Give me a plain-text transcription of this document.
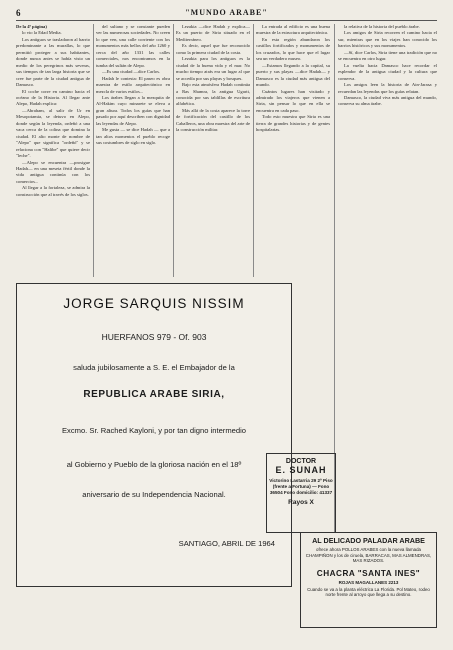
6	"MUNDO ARABE"

De la 4ª página)

lo vio la Edad Media.

Los antiguos se trasladaron al barrio predominante a las murallas, lo que permitió proteger a sus habitantes, donde nunca antes se había visto un medio de los peregrinos más severas, sus tiempos de tan larga historia que se cree fue parte de la ciudad antigua de Damasco.

El coche corre en camino hacia el océano de la Historia. Al llegar ante Alepo, Hadah explica:

—Abraham, al salir de Ur en Mesopotamia, se detuvo en Alepo, donde según la leyenda, ordeñó a una vaca cerca de la colina que domina la ciudad. El alto monte de nombre de "Alepo" que significa "ordeñó" y se relaciona con "Halibe" que quiere decir "leche".

—Alepo se encuentra —prosigue Hadah— en una meseta fértil donde la vida antigua continúa con los comercios...

Al llegar a la fortaleza, se admira la construcción que al través de los siglos.

del sultano y se constante pueden ver las numerosas sociedades. No creen lo que ven, una calle corriente con los monumentos más bellos del año 1260 y cerca del año 1331 las calles comerciales, nos encontramos en la tumba del sultán de Alepo.

—Es una ciudad —dice Carlos.

Hadah le contesta: El paseo es obra maestra de estilo arquitectónico en mezcla de varios estilos...

Los árabes llegan a la mezquita de Al-Hakim cuyo minarete se eleva a gran altura. Todos los guías que han pasado por aquí describen con dignidad las leyendas de Alepo.

Me gusta — se dice Hadah — que a tan altos momentos el pueblo recoge sus costumbres de siglo en siglo.

Lezakia —dice Hadah y explica— Es un puerto de Siria situado en el Mediterráneo.

Es decir, aquel que fue reconocido como la primera ciudad de la costa.

Lezakia para los antiguos es la ciudad de la buena vida y el mar. No mucho tiempo atrás era un lugar al que se accedía por sus playas y bosques.

Bajo esta atmósfera Hadah continúa a Ras Shamra, la antigua Ugarit, conocida por sus tablillas de escritura alfabética.

Más allá de la costa aparece la torre de fortificación del castillo de los Caballeros, una obra maestra del arte de la construcción militar.

La entrada al edificio es una buena muestra de la estructura arquitectónica.

En esta región abundaron los castillos fortificados y monumentos de los cruzados, lo que hace que el lugar sea un verdadero museo.

—Estamos llegando a la capital, su puerto y sus playas —dice Hadah— y Damasco es la ciudad más antigua del mundo.

Cuántos lugares han visitado y admirado los viajeros que vienen a Siria, sin pensar lo que en ella se encuentra en cada paso.

Todo esto muestra que Siria es una tierra de grandes historias y de gentes hospitalarias.

la relativa de la historia del pueblo árabe.

Los amigos de Siria recorren el camino hacia el sur, mientras que en los viajes han conocido los barrios históricos y sus monumentos.

—Sí, dice Carlos, Siria tiene una tradición que no se encuentra en otro lugar.

La vuelta hacia Damasco hace recordar el esplendor de la antigua ciudad y la cultura que conserva.

Los amigos leen la historia de Ain-Jarasa y recuerdan las leyendas que los guías relatan.

Damasco, la ciudad viva más antigua del mundo, conserva su alma árabe.

JORGE SARQUIS NISSIM
HUERFANOS 979 - Of. 903
saluda jubilosamente a S. E. el Embajador de la
REPUBLICA ARABE SIRIA,
Excmo. Sr. Rached Kayloni, y por tan digno intermedio
al Gobierno y Pueblo de la gloriosa nación en el 18º
aniversario de su Independencia Nacional.
SANTIAGO, ABRIL DE 1964
DOCTOR
E. SUNAH
Victorino Lastarria 29 2º Piso (frente a Fortuna) — Fono 36504 Fono domicilio: 41337
Rayos X
AL DELICADO PALADAR ARABE
ofrece ahora POLLOS ARABES con la nueva llamada CHAMPIÑON y los de ciruela, BARRACAS, MAS ALMENDRAS, MAS RIZADOS.
CHACRA "SANTA INES"
ROJAS MAGALLANES 2213
Cuando se va a la planta eléctrica La Florida. Pol Mateo, rodeo norte frente al arroyo que llega a su destino.
